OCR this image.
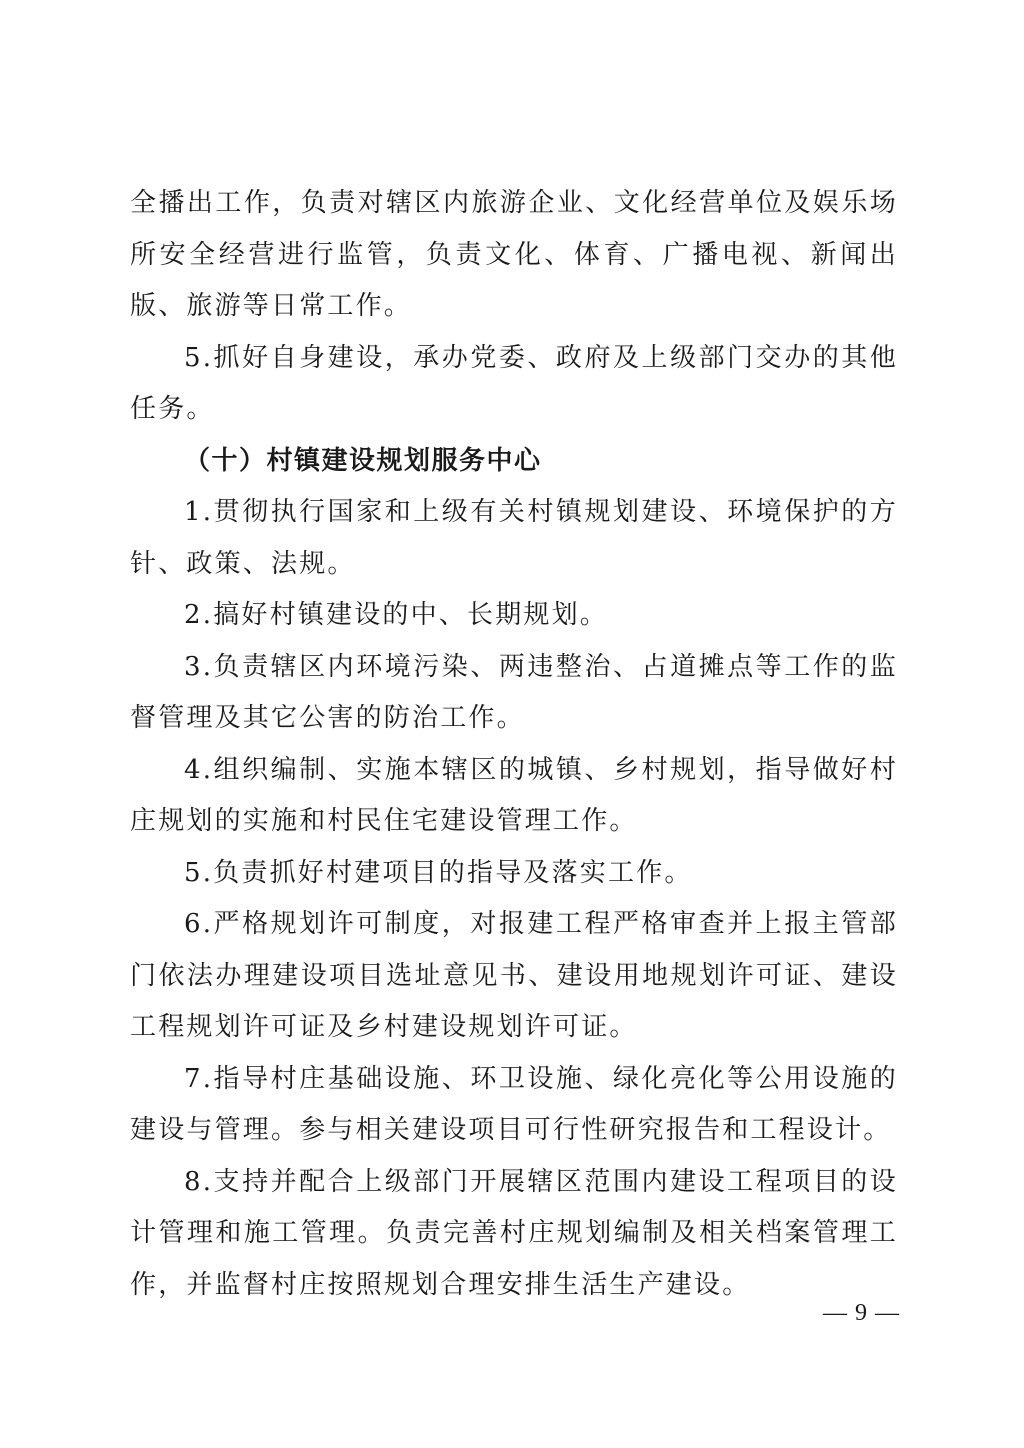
全播出工作，负责对辖区内旅游企业、文化经营单位及娱乐场所安全经营进行监管，负责文化、体育、广播电视、新闻出版、旅游等日常工作。

5.抓好自身建设，承办党委、政府及上级部门交办的其他任务。

（十）村镇建设规划服务中心

1.贯彻执行国家和上级有关村镇规划建设、环境保护的方针、政策、法规。

2.搞好村镇建设的中、长期规划。

3.负责辖区内环境污染、两违整治、占道摊点等工作的监督管理及其它公害的防治工作。

4.组织编制、实施本辖区的城镇、乡村规划，指导做好村庄规划的实施和村民住宅建设管理工作。

5.负责抓好村建项目的指导及落实工作。

6.严格规划许可制度，对报建工程严格审查并上报主管部门依法办理建设项目选址意见书、建设用地规划许可证、建设工程规划许可证及乡村建设规划许可证。

7.指导村庄基础设施、环卫设施、绿化亮化等公用设施的建设与管理。参与相关建设项目可行性研究报告和工程设计。

8.支持并配合上级部门开展辖区范围内建设工程项目的设计管理和施工管理。负责完善村庄规划编制及相关档案管理工作，并监督村庄按照规划合理安排生活生产建设。

— 9 —
